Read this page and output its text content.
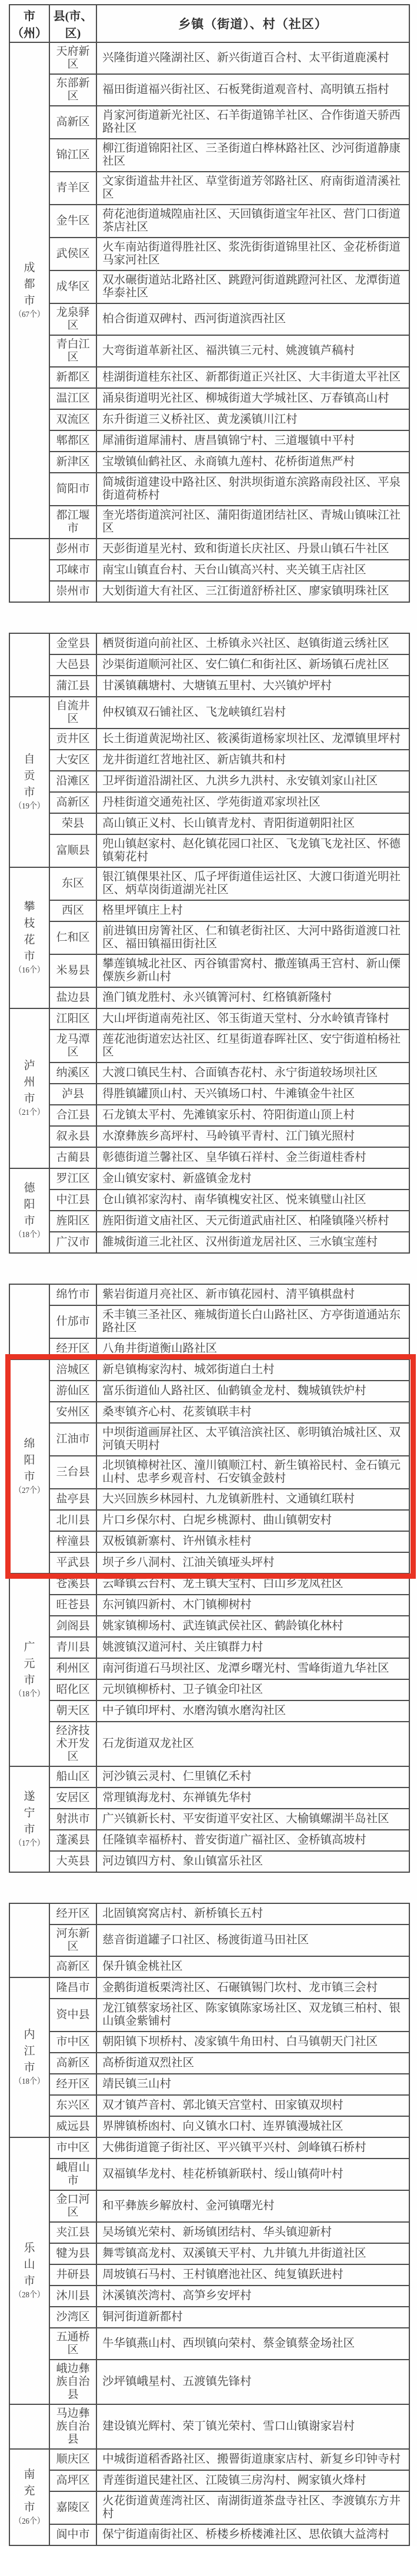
市（州）	县(市、区)	乡镇（街道）、村（社区）

成
都
市
（67个）	天府新区	兴隆街道兴隆湖社区、新兴街道百合村、太平街道鹿溪村
	东部新区	福田街道福兴街社区、石板凳街道观音村、高明镇五指村
	高新区	肖家河街道新光社区、石羊街道锦羊社区、合作街道天骄西路社区
	锦江区	柳江街道锦阳社区、三圣街道白桦林路社区、沙河街道静康社区
	青羊区	文家街道盐井社区、草堂街道芳邻路社区、府南街道清溪社区
	金牛区	荷花池街道城隍庙社区、天回镇街道宝年社区、营门口街道茶店社区
	武侯区	火车南站街道得胜社区、浆洗街街道锦里社区、金花桥街道马家河社区
	成华区	双水碾街道站北路社区、跳蹬河街道跳蹬河社区、龙潭街道华泰社区
	龙泉驿区	柏合街道双碑村、西河街道滨西社区
	青白江区	大弯街道革新社区、福洪镇三元村、姚渡镇芦稿村
	新都区	桂湖街道桂东社区、新都街道正兴社区、大丰街道太平社区
	温江区	涌泉街道明光社区、柳城街道大学城社区、万春镇高山村
	双流区	东升街道三义桥社区、黄龙溪镇川江村
	郫都区	犀浦街道犀浦村、唐昌镇锦宁村、三道堰镇中平村
	新津区	宝墩镇仙鹤社区、永商镇九莲村、花桥街道焦严村
	简阳市	简城街道建设中路社区、射洪坝街道东滨路南段社区、平泉街道荷桥村
	都江堰市	奎光塔街道滨河社区、蒲阳街道团结社区、青城山镇味江社区
	彭州市	天彭街道星光村、致和街道长庆社区、丹景山镇石牛社区
	邛崃市	南宝山镇直台村、天台山镇高兴村、夹关镇王店社区
	崇州市	大划街道大有社区、三江街道舒桥社区、廖家镇明珠社区
	金堂县	栖贤街道向前社区、土桥镇永兴社区、赵镇街道云绣社区
	大邑县	沙渠街道顺河社区、安仁镇仁和街社区、新场镇石虎社区
	蒲江县	甘溪镇藕塘村、大塘镇五里村、大兴镇炉坪村

自
贡
市
（19个）	自流井区	仲权镇双石铺社区、飞龙峡镇红岩村
	贡井区	长土街道黄泥坳社区、筱溪街道杨家坝社区、龙潭镇里坪村
	大安区	龙井街道红苕地社区、新店镇共和村
	沿滩区	卫坪街道沿湖社区、九洪乡九洪村、永安镇刘家山社区
	高新区	丹桂街道交通苑社区、学苑街道邓家坝社区
	荣县	高山镇正义村、长山镇青龙村、青阳街道朝阳社区
	富顺县	兜山镇赵家村、赵化镇花园口社区、飞龙镇飞龙社区、怀德镇菊花村

攀
枝
花
市
（16个）	东区	银江镇倮果社区、瓜子坪街道佳运社区、大渡口街道光明社区、炳草岗街道湖光社区
	西区	格里坪镇庄上村
	仁和区	前进镇田房箐社区、仁和镇老街社区、大河中路街道渡口社区、福田镇福田街社区
	米易县	攀莲镇城北社区、丙谷镇雷窝村、撒莲镇禹王宫村、新山傈僳族乡新山村
	盐边县	渔门镇龙胜村、永兴镇箐河村、红格镇新隆村

泸
州
市
（21个）	江阳区	大山坪街道南苑社区、邻玉街道天堂村、分水岭镇青锋村
	龙马潭区	莲花池街道宏达社区、红星街道春晖社区、安宁街道柏杨社区
	纳溪区	大渡口镇民生村、合面镇杏花村、永宁街道较场坝社区
	泸县	得胜镇罐顶山村、天兴镇场口村、牛滩镇金牛社区
	合江县	石龙镇太平村、先滩镇家乐村、符阳街道山顶上村
	叙永县	水潦彝族乡高坪村、马岭镇平青村、江门镇光照村
	古蔺县	彰德街道兰馨社区、皇华镇石祥村、金兰街道桂香村

德
阳
市
（18个）	罗江区	金山镇安家村、新盛镇金龙村
	中江县	仓山镇祁家沟村、南华镇槐安社区、悦来镇璧山社区
	旌阳区	旌阳街道文庙社区、天元街道武庙社区、柏隆镇隆兴桥村
	广汉市	雒城街道三北社区、汉州街道龙居社区、三水镇宝莲村
	绵竹市	紫岩街道月亮社区、新市镇花园村、清平镇棋盘村
	什邡市	禾丰镇三圣社区、雍城街道长白山路社区、方亭街道通站东路社区
	经开区	八角井街道衡山路社区

绵
阳
市
（27个）	涪城区	新皂镇梅家沟村、城郊街道白土村
	游仙区	富乐街道仙人路社区、仙鹤镇金龙村、魏城镇铁炉村
	安州区	桑枣镇齐心村、花荄镇联丰村
	江油市	中坝街道画屏社区、太平镇涪滨社区、彰明镇治城社区、双河镇天明村
	三台县	北坝镇樟树社区、潼川镇顺江村、新生镇裕民村、金石镇元山村、忠孝乡观音村、石安镇金鼓村
	盐亭县	大兴回族乡林园村、九龙镇新胜村、文通镇红联村
	北川县	片口乡保尔村、白坭乡桃源村、曲山镇朝安村
	梓潼县	双板镇新寨村、许州镇永桂村
	平武县	坝子乡八洞村、江油关镇垭头坪村

广
元
市
（18个）	苍溪县	云峰镇云台村、龙王镇天宝村、白山乡龙凤社区
	旺苍县	东河镇四新村、木门镇柳树村
	剑阁县	姚家镇柳场村、武连镇武侯社区、鹤龄镇化林村
	青川县	姚渡镇汉道河村、关庄镇群力村
	利州区	南河街道石马坝社区、龙潭乡曙光村、雪峰街道九华社区
	昭化区	元坝镇柳桥村、卫子镇金印社区
	朝天区	中子镇印坪村、水磨沟镇水磨沟社区
	经济技术开发区	石龙街道双龙社区

遂
宁
市
（17个）	船山区	河沙镇云灵村、仁里镇亿禾村
	安居区	常理镇海龙村、东禅镇先华村
	射洪市	广兴镇新长村、平安街道平安社区、大榆镇螺湖半岛社区
	蓬溪县	任隆镇幸福桥村、普安街道广福社区、金桥镇高坡村
	大英县	河边镇四方村、象山镇富乐社区
	经开区	北固镇窝窝店村、新桥镇长五村
	河东新区	慈音街道罐子口社区、杨渡街道马田社区
	高新区	保升镇金桃社区

内
江
市
（18个）	隆昌市	金鹅街道板栗湾社区、石碾镇锡门坎村、龙市镇三会村
	资中县	龙江镇蔡家场社区、陈家镇陈家场社区、双龙镇三柏村、银山镇金紫铺村
	市中区	朝阳镇下坝桥村、凌家镇牛角田村、白马镇朝天门社区
	高新区	高桥街道双烈社区
	经开区	靖民镇三山村
	东兴区	双才镇芦音村、郭北镇天宫堂村、田家镇双坝村
	威远县	界牌镇桥凼村、向义镇水口村、连界镇漫城社区

乐
山
市
（28个）	市中区	大佛街道篦子街社区、平兴镇平兴村、剑峰镇石桥村
	峨眉山市	双福镇华龙村、桂花桥镇新联村、绥山镇荷叶村
	金口河区	和平彝族乡解放村、金河镇曙光村
	夹江县	吴场镇光荣村、新场镇团结村、华头镇迎新村
	犍为县	舞雩镇高龙村、双溪镇天平村、九井镇九井街道社区
	井研县	周坡镇石马村、王村镇磨池社区、纯复镇跃进村
	沐川县	沐溪镇茨湾村、高笋乡安坪村
	沙湾区	铜河街道新都村
	五通桥区	牛华镇燕山村、西坝镇向荣村、蔡金镇蔡金场社区
	峨边彝族自治县	沙坪镇峨星村、五渡镇先锋村
	马边彝族自治县	建设镇光辉村、荣丁镇光荣村、雪口山镇谢家岩村

南
充
市
（26个）	顺庆区	中城街道稻香路社区、搬罾街道康家店村、新复乡印钟寺村
	高坪区	青莲街道民建社区、江陵镇三房沟村、阙家镇火烽村
	嘉陵区	火花街道黄莲湾社区、南湖街道茶盘寺社区、李渡镇东方井村
	阆中市	保宁街道南街社区、桥楼乡桥楼滩社区、思依镇大益湾村
